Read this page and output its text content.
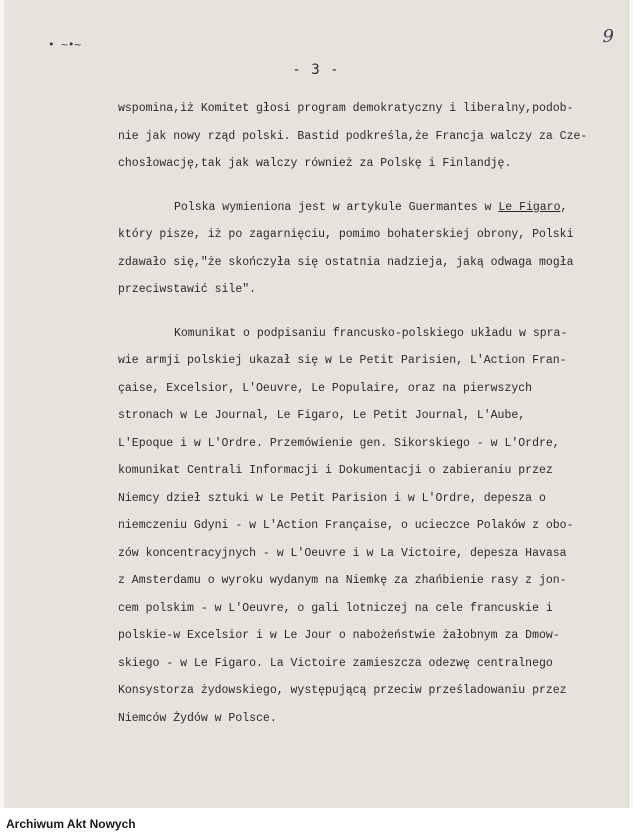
• ~•~	9
- 3 -
wspomina,iż Komitet głosi program demokratyczny i liberalny,podob-
nie jak nowy rząd polski. Bastid podkreśla,że Francja walczy za Cze-
chosłowację,tak jak walczy również za Polskę i Finlandję.
Polska wymieniona jest w artykule Guermantes w Le Figaro,
który pisze, iż po zagarnięciu, pomimo bohaterskiej obrony, Polski
zdawało się,"że skończyła się ostatnia nadzieja, jaką odwaga mogła
przeciwstawić sile".
Komunikat o podpisaniu francusko-polskiego układu w spra-
wie armji polskiej ukazał się w Le Petit Parisien, L'Action Fran-
çaise, Excelsior, L'Oeuvre, Le Populaire, oraz na pierwszych
stronach w Le Journal, Le Figaro, Le Petit Journal, L'Aube,
L'Epoque i w L'Ordre. Przemówienie gen. Sikorskiego - w L'Ordre,
komunikat Centrali Informacji i Dokumentacji o zabieraniu przez
Niemcy dzieł sztuki w Le Petit Parision i w L'Ordre, depesza o
niemczeniu Gdyni - w L'Action Française, o ucieczce Polaków z obo-
zów koncentracyjnych - w L'Oeuvre i w La Victoire, depesza Havasa
z Amsterdamu o wyroku wydanym na Niemkę za zhańbienie rasy z jon-
cem polskim - w L'Oeuvre, o gali lotniczej na cele francuskie i
polskie-w Excelsior i w Le Jour o nabożeństwie żałobnym za Dmow-
skiego - w Le Figaro. La Victoire zamieszcza odezwę centralnego
Konsystorza żydowskiego, występującą przeciw prześladowaniu przez
Niemców Żydów w Polsce.
Archiwum Akt Nowych
